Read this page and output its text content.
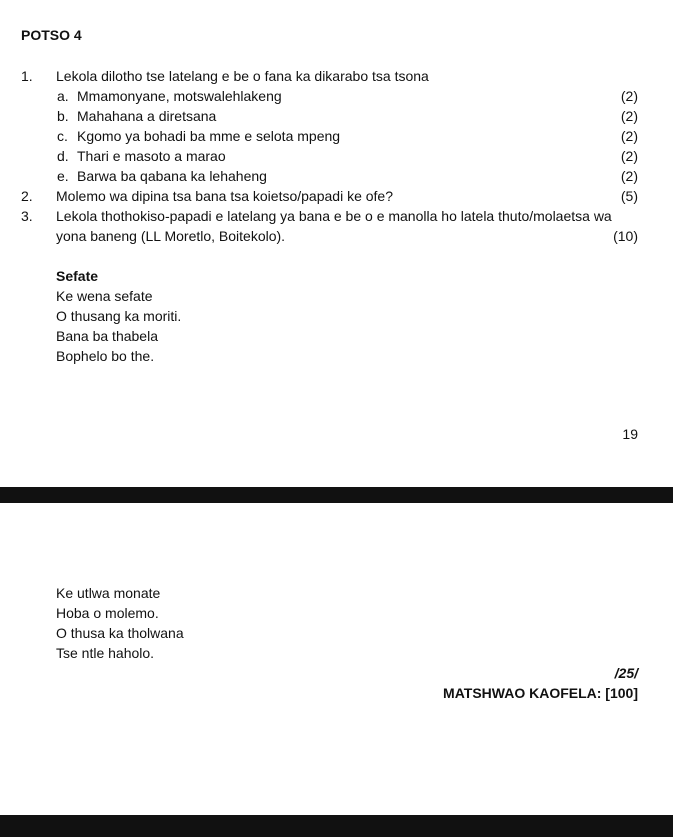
POTSO 4
1. Lekola dilotho tse latelang e be o fana ka dikarabo tsa tsona
a. Mmamonyane, motswalehlakeng	(2)
b. Mahahana a diretsana	(2)
c. Kgomo ya bohadi ba mme e selota mpeng	(2)
d. Thari e masoto a marao	(2)
e. Barwa ba qabana ka lehaheng	(2)
2. Molemo wa dipina tsa bana tsa koietso/papadi ke ofe?	(5)
3. Lekola thothokiso-papadi e latelang ya bana e be o e manolla ho latela thuto/molaetsa wa
yona baneng (LL Moretlo, Boitekolo).	(10)
Sefate
Ke wena sefate
O thusang ka moriti.
Bana ba thabela
Bophelo bo the.
19
Ke utlwa monate
Hoba o molemo.
O thusa ka tholwana
Tse ntle haholo.
/25/
MATSHWAO KAOFELA: [100]
